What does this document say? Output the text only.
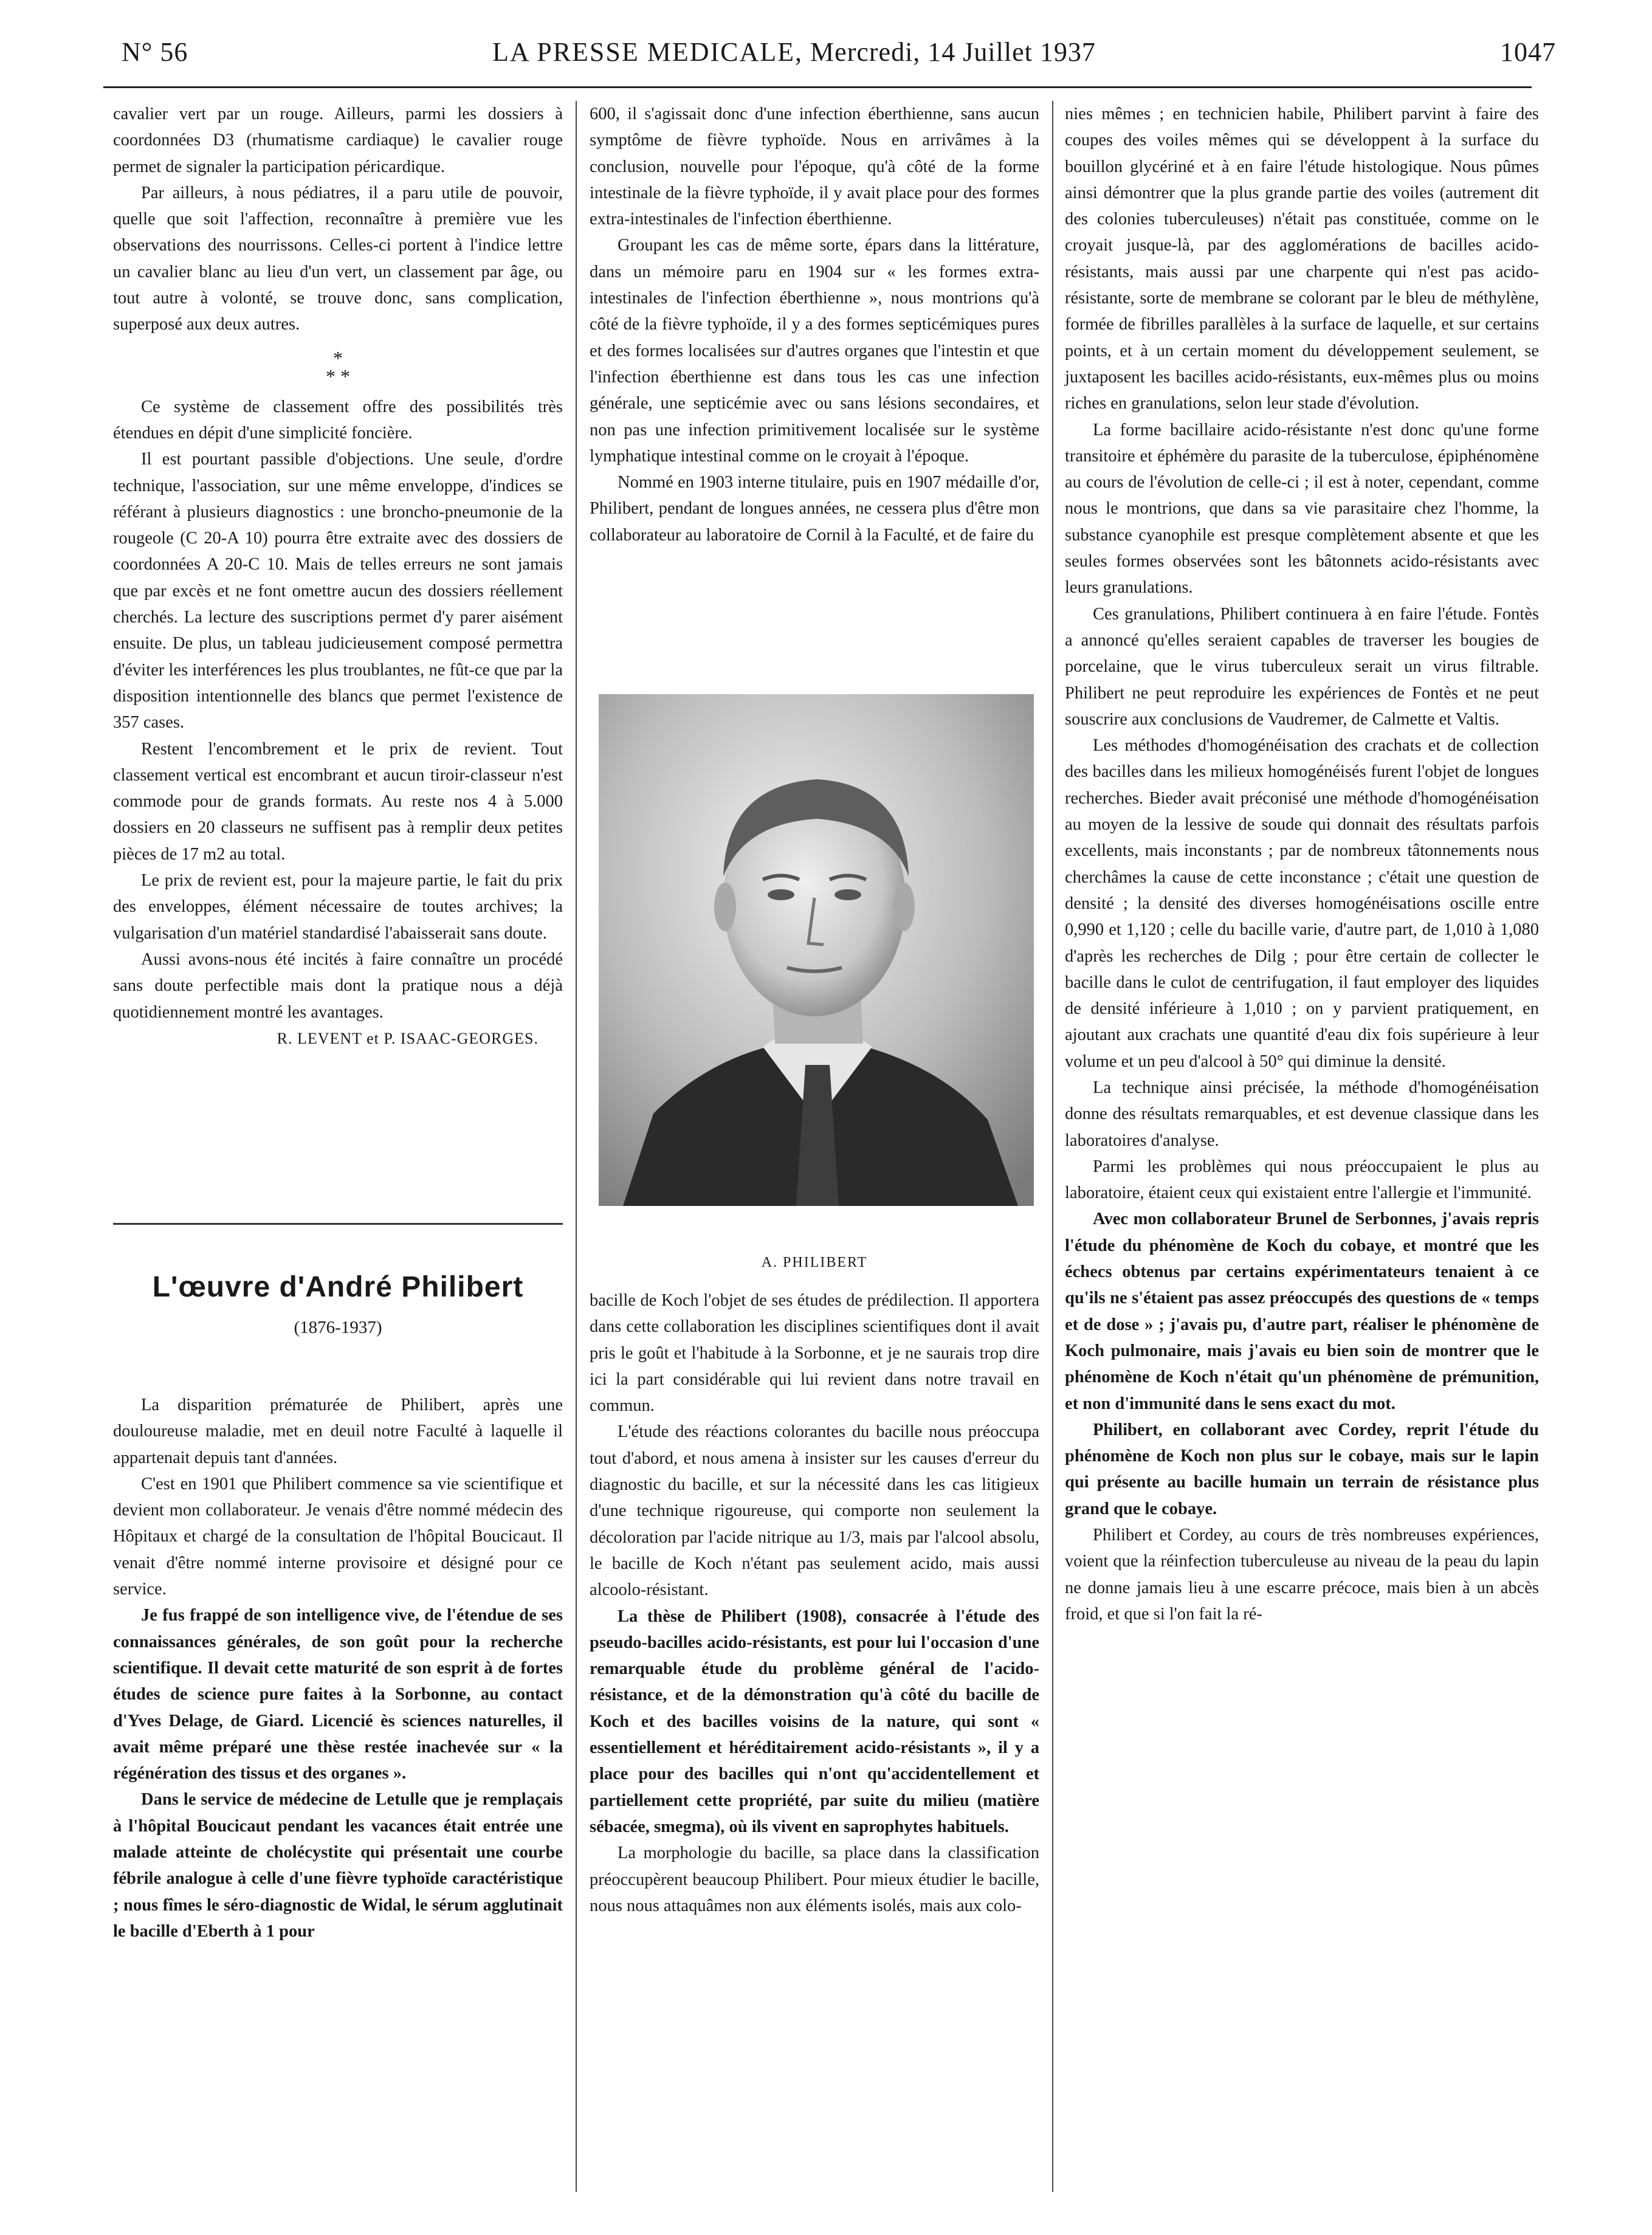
N° 56	LA PRESSE MEDICALE, Mercredi, 14 Juillet 1937	1047

cavalier vert par un rouge. Ailleurs, parmi les dossiers à coordonnées D3 (rhumatisme cardiaque) le cavalier rouge permet de signaler la participation péricardique.

Par ailleurs, à nous pédiatres, il a paru utile de pouvoir, quelle que soit l'affection, reconnaître à première vue les observations des nourrissons. Celles-ci portent à l'indice lettre un cavalier blanc au lieu d'un vert, un classement par âge, ou tout autre à volonté, se trouve donc, sans complication, superposé aux deux autres.

*
* *

Ce système de classement offre des possibilités très étendues en dépit d'une simplicité foncière.

Il est pourtant passible d'objections. Une seule, d'ordre technique, l'association, sur une même enveloppe, d'indices se référant à plusieurs diagnostics : une broncho-pneumonie de la rougeole (C 20-A 10) pourra être extraite avec des dossiers de coordonnées A 20-C 10. Mais de telles erreurs ne sont jamais que par excès et ne font omettre aucun des dossiers réellement cherchés. La lecture des suscriptions permet d'y parer aisément ensuite. De plus, un tableau judicieusement composé permettra d'éviter les interférences les plus troublantes, ne fût-ce que par la disposition intentionnelle des blancs que permet l'existence de 357 cases.

Restent l'encombrement et le prix de revient. Tout classement vertical est encombrant et aucun tiroir-classeur n'est commode pour de grands formats. Au reste nos 4 à 5.000 dossiers en 20 classeurs ne suffisent pas à remplir deux petites pièces de 17 m2 au total.

Le prix de revient est, pour la majeure partie, le fait du prix des enveloppes, élément nécessaire de toutes archives; la vulgarisation d'un matériel standardisé l'abaisserait sans doute.

Aussi avons-nous été incités à faire connaître un procédé sans doute perfectible mais dont la pratique nous a déjà quotidiennement montré les avantages.

R. LEVENT et P. ISAAC-GEORGES.
L'œuvre d'André Philibert
(1876-1937)

La disparition prématurée de Philibert, après une douloureuse maladie, met en deuil notre Faculté à laquelle il appartenait depuis tant d'années.

C'est en 1901 que Philibert commence sa vie scientifique et devient mon collaborateur. Je venais d'être nommé médecin des Hôpitaux et chargé de la consultation de l'hôpital Boucicaut. Il venait d'être nommé interne provisoire et désigné pour ce service.

Je fus frappé de son intelligence vive, de l'étendue de ses connaissances générales, de son goût pour la recherche scientifique. Il devait cette maturité de son esprit à de fortes études de science pure faites à la Sorbonne, au contact d'Yves Delage, de Giard. Licencié ès sciences naturelles, il avait même préparé une thèse restée inachevée sur « la régénération des tissus et des organes ».

Dans le service de médecine de Letulle que je remplaçais à l'hôpital Boucicaut pendant les vacances était entrée une malade atteinte de cholécystite qui présentait une courbe fébrile analogue à celle d'une fièvre typhoïde caractéristique ; nous fîmes le séro-diagnostic de Widal, le sérum agglutinait le bacille d'Eberth à 1 pour

600, il s'agissait donc d'une infection éberthienne, sans aucun symptôme de fièvre typhoïde. Nous en arrivâmes à la conclusion, nouvelle pour l'époque, qu'à côté de la forme intestinale de la fièvre typhoïde, il y avait place pour des formes extra-intestinales de l'infection éberthienne.

Groupant les cas de même sorte, épars dans la littérature, dans un mémoire paru en 1904 sur « les formes extra-intestinales de l'infection éberthienne », nous montrions qu'à côté de la fièvre typhoïde, il y a des formes septicémiques pures et des formes localisées sur d'autres organes que l'intestin et que l'infection éberthienne est dans tous les cas une infection générale, une septicémie avec ou sans lésions secondaires, et non pas une infection primitivement localisée sur le système lymphatique intestinal comme on le croyait à l'époque.

Nommé en 1903 interne titulaire, puis en 1907 médaille d'or, Philibert, pendant de longues années, ne cessera plus d'être mon collaborateur au laboratoire de Cornil à la Faculté, et de faire du

A. PHILIBERT

bacille de Koch l'objet de ses études de prédilection. Il apportera dans cette collaboration les disciplines scientifiques dont il avait pris le goût et l'habitude à la Sorbonne, et je ne saurais trop dire ici la part considérable qui lui revient dans notre travail en commun.

L'étude des réactions colorantes du bacille nous préoccupa tout d'abord, et nous amena à insister sur les causes d'erreur du diagnostic du bacille, et sur la nécessité dans les cas litigieux d'une technique rigoureuse, qui comporte non seulement la décoloration par l'acide nitrique au 1/3, mais par l'alcool absolu, le bacille de Koch n'étant pas seulement acido, mais aussi alcoolo-résistant.

La thèse de Philibert (1908), consacrée à l'étude des pseudo-bacilles acido-résistants, est pour lui l'occasion d'une remarquable étude du problème général de l'acido-résistance, et de la démonstration qu'à côté du bacille de Koch et des bacilles voisins de la nature, qui sont « essentiellement et héréditairement acido-résistants », il y a place pour des bacilles qui n'ont qu'accidentellement et partiellement cette propriété, par suite du milieu (matière sébacée, smegma), où ils vivent en saprophytes habituels.

La morphologie du bacille, sa place dans la classification préoccupèrent beaucoup Philibert. Pour mieux étudier le bacille, nous nous attaquâmes non aux éléments isolés, mais aux colo-

nies mêmes ; en technicien habile, Philibert parvint à faire des coupes des voiles mêmes qui se développent à la surface du bouillon glycériné et à en faire l'étude histologique. Nous pûmes ainsi démontrer que la plus grande partie des voiles (autrement dit des colonies tuberculeuses) n'était pas constituée, comme on le croyait jusque-là, par des agglomérations de bacilles acido-résistants, mais aussi par une charpente qui n'est pas acido-résistante, sorte de membrane se colorant par le bleu de méthylène, formée de fibrilles parallèles à la surface de laquelle, et sur certains points, et à un certain moment du développement seulement, se juxtaposent les bacilles acido-résistants, eux-mêmes plus ou moins riches en granulations, selon leur stade d'évolution.

La forme bacillaire acido-résistante n'est donc qu'une forme transitoire et éphémère du parasite de la tuberculose, épiphénomène au cours de l'évolution de celle-ci ; il est à noter, cependant, comme nous le montrions, que dans sa vie parasitaire chez l'homme, la substance cyanophile est presque complètement absente et que les seules formes observées sont les bâtonnets acido-résistants avec leurs granulations.

Ces granulations, Philibert continuera à en faire l'étude. Fontès a annoncé qu'elles seraient capables de traverser les bougies de porcelaine, que le virus tuberculeux serait un virus filtrable. Philibert ne peut reproduire les expériences de Fontès et ne peut souscrire aux conclusions de Vaudremer, de Calmette et Valtis.

Les méthodes d'homogénéisation des crachats et de collection des bacilles dans les milieux homogénéisés furent l'objet de longues recherches. Bieder avait préconisé une méthode d'homogénéisation au moyen de la lessive de soude qui donnait des résultats parfois excellents, mais inconstants ; par de nombreux tâtonnements nous cherchâmes la cause de cette inconstance ; c'était une question de densité ; la densité des diverses homogénéisations oscille entre 0,990 et 1,120 ; celle du bacille varie, d'autre part, de 1,010 à 1,080 d'après les recherches de Dilg ; pour être certain de collecter le bacille dans le culot de centrifugation, il faut employer des liquides de densité inférieure à 1,010 ; on y parvient pratiquement, en ajoutant aux crachats une quantité d'eau dix fois supérieure à leur volume et un peu d'alcool à 50° qui diminue la densité.

La technique ainsi précisée, la méthode d'homogénéisation donne des résultats remarquables, et est devenue classique dans les laboratoires d'analyse.

Parmi les problèmes qui nous préoccupaient le plus au laboratoire, étaient ceux qui existaient entre l'allergie et l'immunité.

Avec mon collaborateur Brunel de Serbonnes, j'avais repris l'étude du phénomène de Koch du cobaye, et montré que les échecs obtenus par certains expérimentateurs tenaient à ce qu'ils ne s'étaient pas assez préoccupés des questions de « temps et de dose » ; j'avais pu, d'autre part, réaliser le phénomène de Koch pulmonaire, mais j'avais eu bien soin de montrer que le phénomène de Koch n'était qu'un phénomène de prémunition, et non d'immunité dans le sens exact du mot.

Philibert, en collaborant avec Cordey, reprit l'étude du phénomène de Koch non plus sur le cobaye, mais sur le lapin qui présente au bacille humain un terrain de résistance plus grand que le cobaye.

Philibert et Cordey, au cours de très nombreuses expériences, voient que la réinfection tuberculeuse au niveau de la peau du lapin ne donne jamais lieu à une escarre précoce, mais bien à un abcès froid, et que si l'on fait la ré-
